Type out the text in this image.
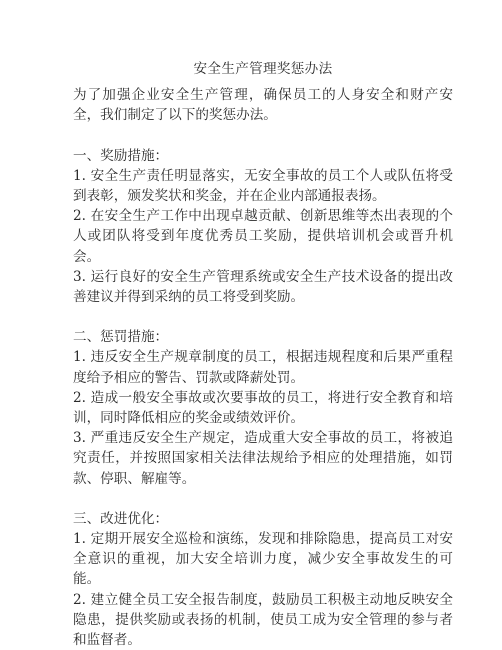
安全生产管理奖惩办法

为了加强企业安全生产管理，确保员工的人身安全和财产安全，我们制定了以下的奖惩办法。

一、奖励措施：

1. 安全生产责任明显落实，无安全事故的员工个人或队伍将受到表彰，颁发奖状和奖金，并在企业内部通报表扬。

2. 在安全生产工作中出现卓越贡献、创新思维等杰出表现的个人或团队将受到年度优秀员工奖励，提供培训机会或晋升机会。

3. 运行良好的安全生产管理系统或安全生产技术设备的提出改善建议并得到采纳的员工将受到奖励。

二、惩罚措施：

1. 违反安全生产规章制度的员工，根据违规程度和后果严重程度给予相应的警告、罚款或降薪处罚。

2. 造成一般安全事故或次要事故的员工，将进行安全教育和培训，同时降低相应的奖金或绩效评价。

3. 严重违反安全生产规定，造成重大安全事故的员工，将被追究责任，并按照国家相关法律法规给予相应的处理措施，如罚款、停职、解雇等。

三、改进优化：

1. 定期开展安全巡检和演练，发现和排除隐患，提高员工对安全意识的重视，加大安全培训力度，减少安全事故发生的可能。

2. 建立健全员工安全报告制度，鼓励员工积极主动地反映安全隐患，提供奖励或表扬的机制，使员工成为安全管理的参与者和监督者。
